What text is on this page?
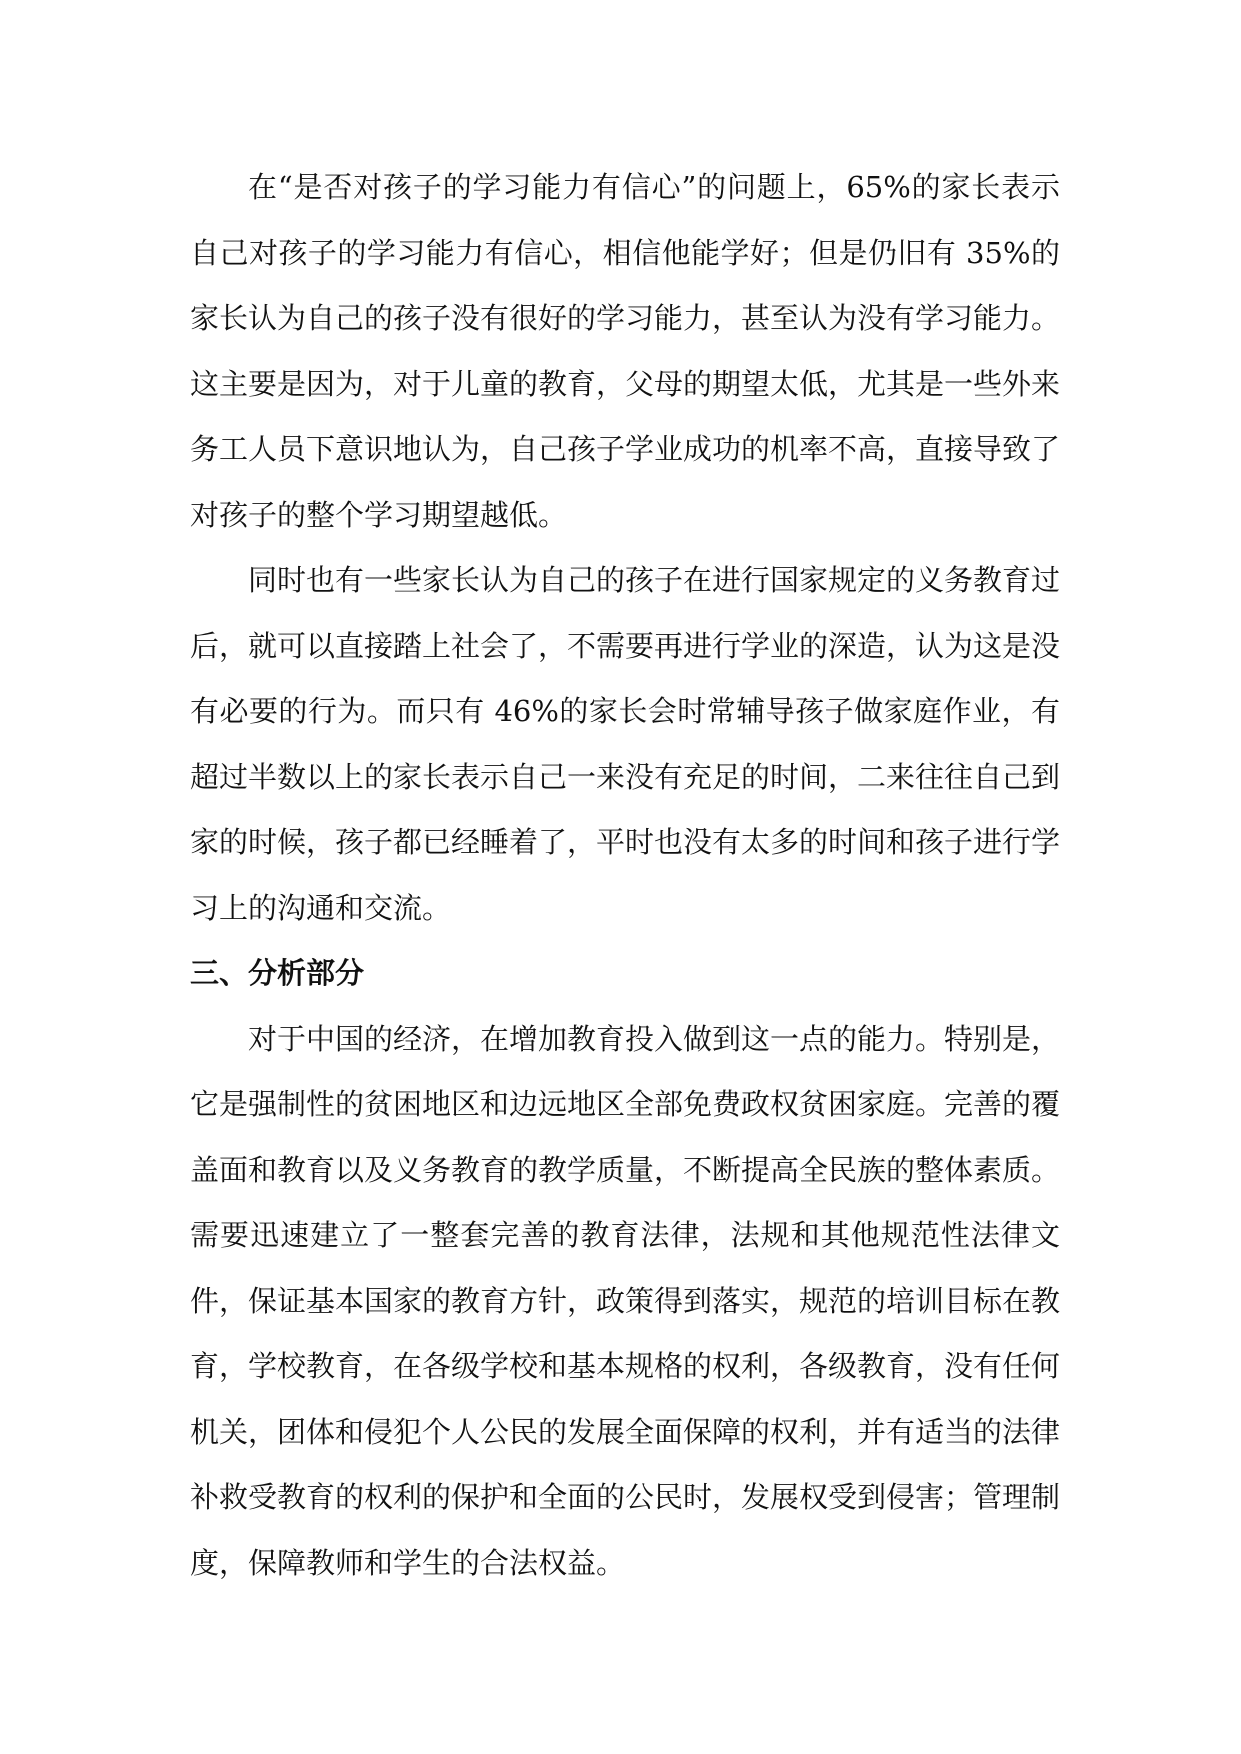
在“是否对孩子的学习能力有信心”的问题上，65%的家长表示自己对孩子的学习能力有信心，相信他能学好；但是仍旧有 35%的家长认为自己的孩子没有很好的学习能力，甚至认为没有学习能力。这主要是因为，对于儿童的教育，父母的期望太低，尤其是一些外来务工人员下意识地认为，自己孩子学业成功的机率不高，直接导致了对孩子的整个学习期望越低。

同时也有一些家长认为自己的孩子在进行国家规定的义务教育过后，就可以直接踏上社会了，不需要再进行学业的深造，认为这是没有必要的行为。而只有 46%的家长会时常辅导孩子做家庭作业，有超过半数以上的家长表示自己一来没有充足的时间，二来往往自己到家的时候，孩子都已经睡着了，平时也没有太多的时间和孩子进行学习上的沟通和交流。

三、分析部分

对于中国的经济，在增加教育投入做到这一点的能力。特别是，它是强制性的贫困地区和边远地区全部免费政权贫困家庭。完善的覆盖面和教育以及义务教育的教学质量，不断提高全民族的整体素质。需要迅速建立了一整套完善的教育法律，法规和其他规范性法律文件，保证基本国家的教育方针，政策得到落实，规范的培训目标在教育，学校教育，在各级学校和基本规格的权利，各级教育，没有任何机关，团体和侵犯个人公民的发展全面保障的权利，并有适当的法律补救受教育的权利的保护和全面的公民时，发展权受到侵害；管理制度，保障教师和学生的合法权益。
